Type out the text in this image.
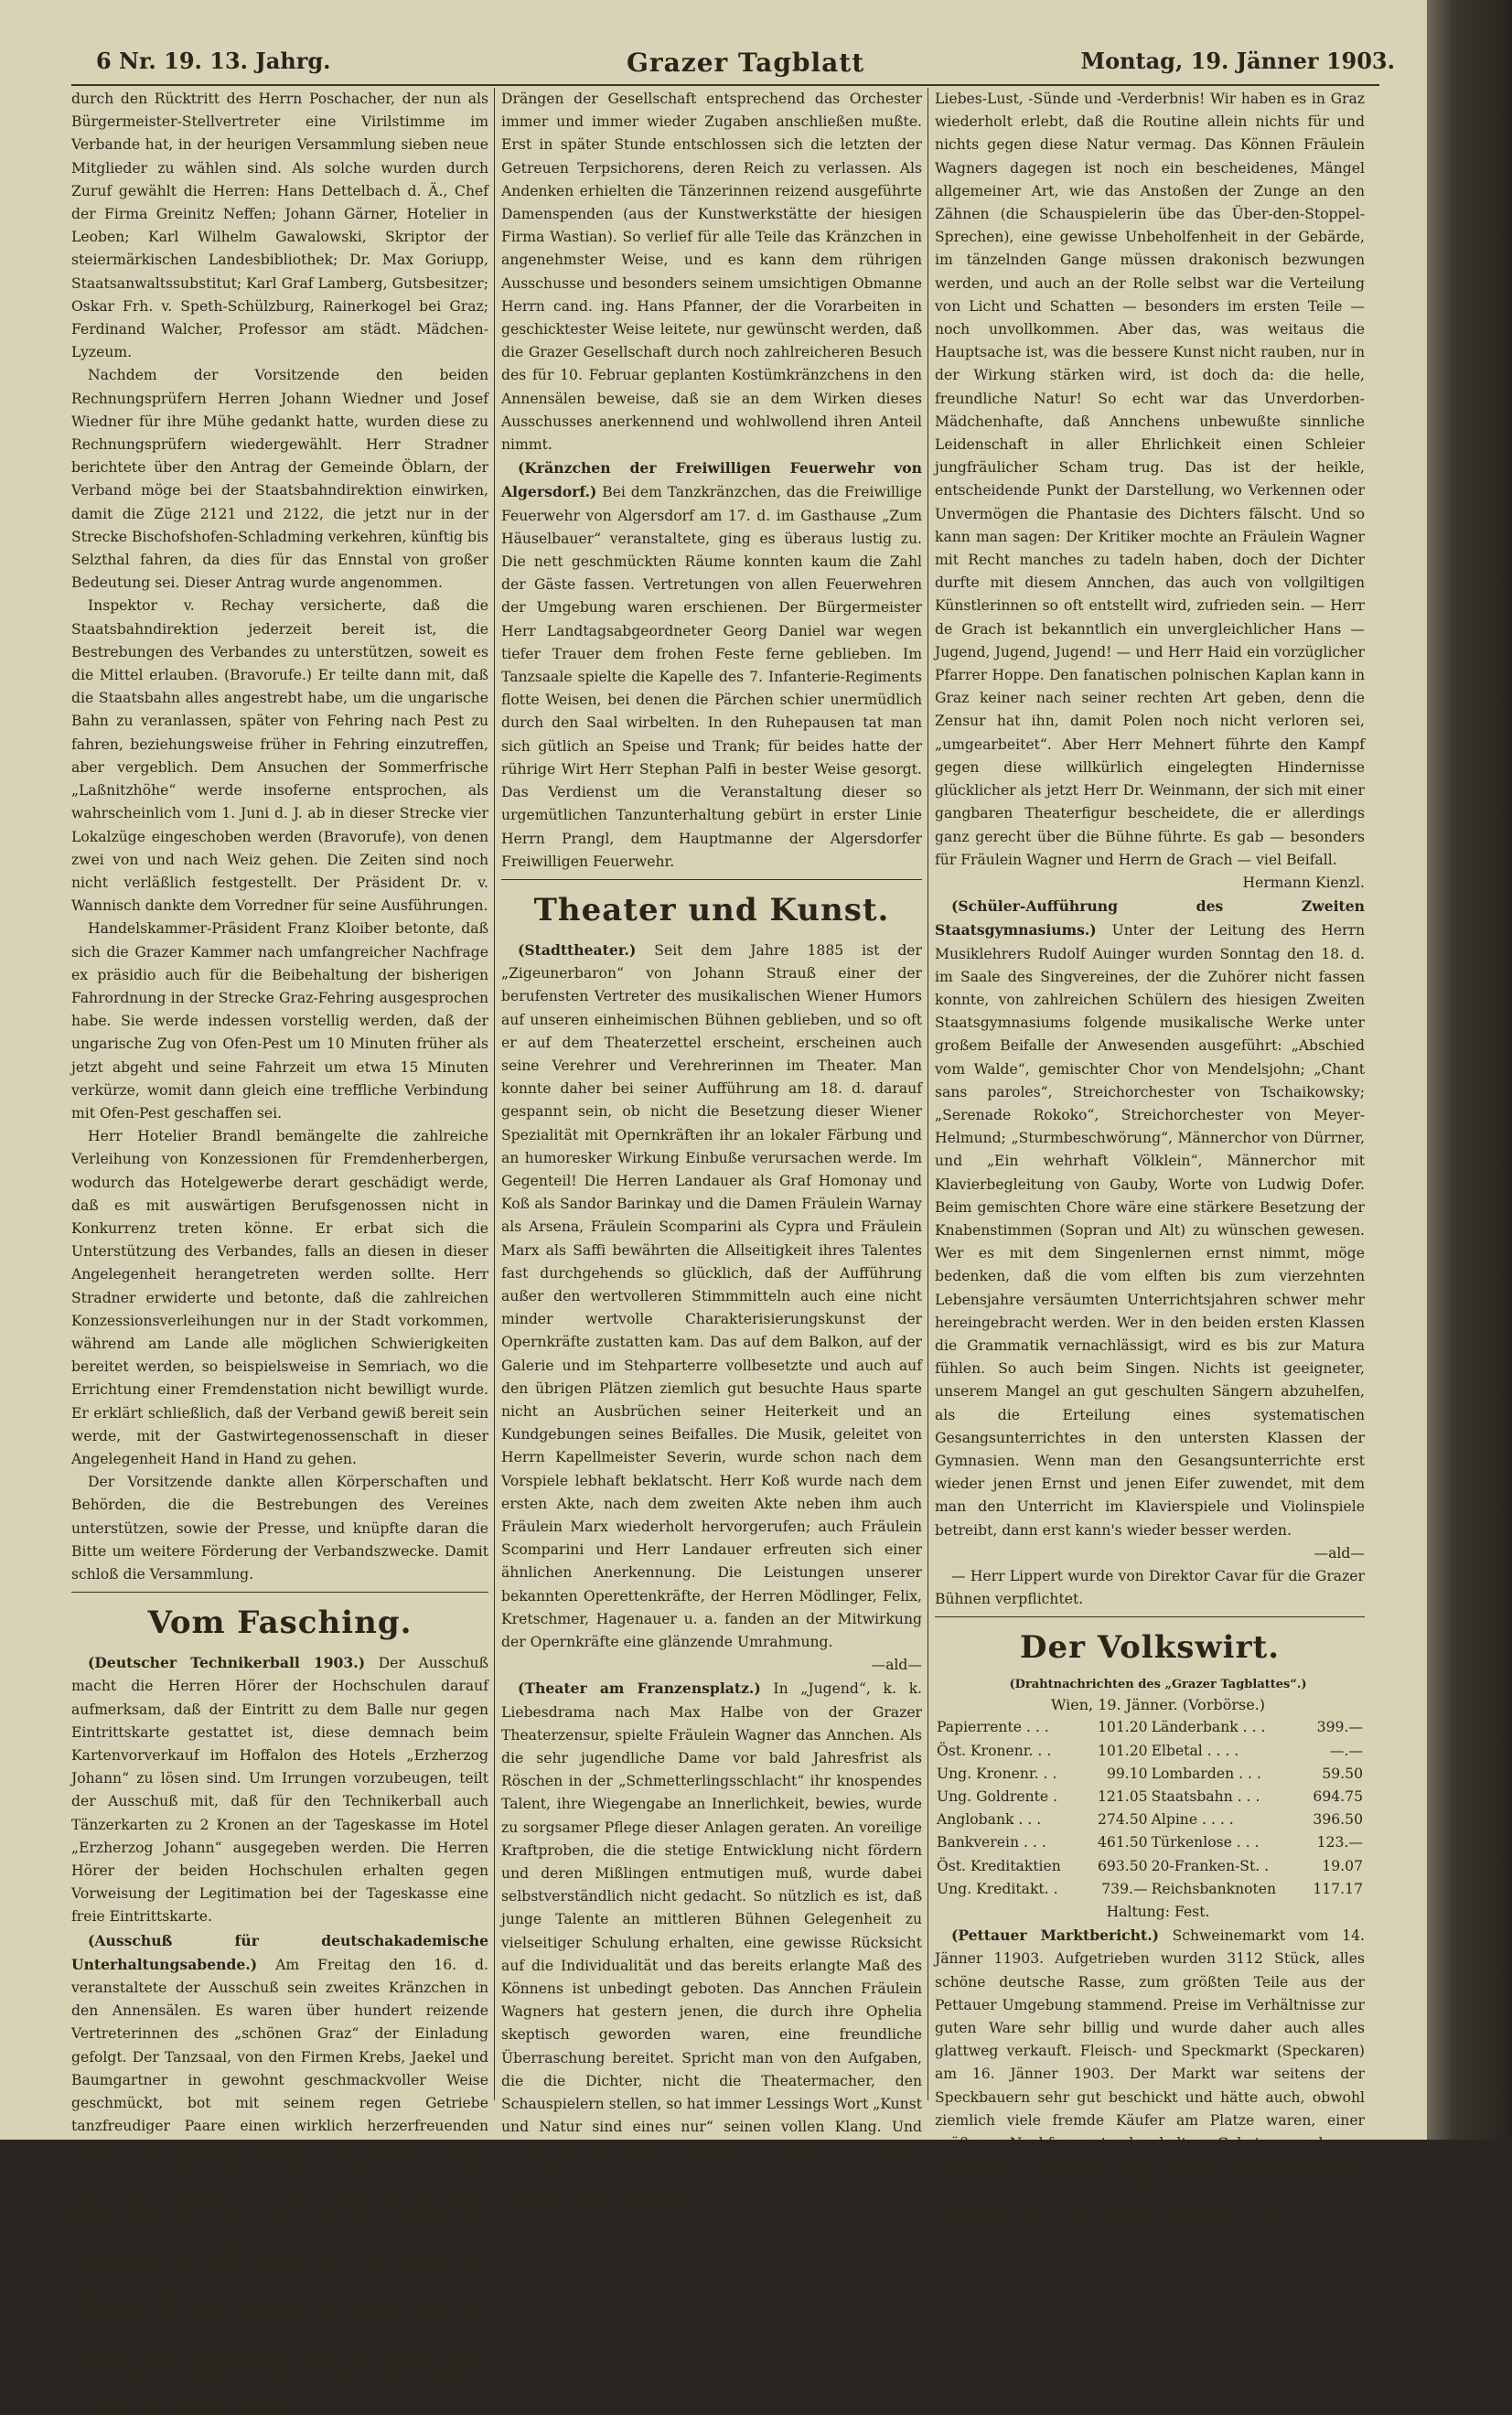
6 Nr. 19. 13. Jahrg.	Grazer Tagblatt	Montag, 19. Jänner 1903.

durch den Rücktritt des Herrn Poschacher, der nun als Bürgermeister-Stellvertreter eine Virilstimme im Verbande hat, in der heurigen Versammlung sieben neue Mitglieder zu wählen sind. Als solche wurden durch Zuruf gewählt die Herren: Hans Dettelbach d. Ä., Chef der Firma Greinitz Neffen; Johann Gärner, Hotelier in Leoben; Karl Wilhelm Gawalowski, Skriptor der steiermärkischen Landesbibliothek; Dr. Max Goriupp, Staatsanwaltssubstitut; Karl Graf Lamberg, Gutsbesitzer; Oskar Frh. v. Speth-Schülzburg, Rainerkogel bei Graz; Ferdinand Walcher, Professor am städt. Mädchen-Lyzeum.

Nachdem der Vorsitzende den beiden Rechnungsprüfern Herren Johann Wiedner und Josef Wiedner für ihre Mühe gedankt hatte, wurden diese zu Rechnungsprüfern wiedergewählt. Herr Stradner berichtete über den Antrag der Gemeinde Öblarn, der Verband möge bei der Staatsbahndirektion einwirken, damit die Züge 2121 und 2122, die jetzt nur in der Strecke Bischofshofen-Schladming verkehren, künftig bis Selzthal fahren, da dies für das Ennstal von großer Bedeutung sei. Dieser Antrag wurde angenommen.

Inspektor v. Rechay versicherte, daß die Staatsbahndirektion jederzeit bereit ist, die Bestrebungen des Verbandes zu unterstützen, soweit es die Mittel erlauben. (Bravorufe.) Er teilte dann mit, daß die Staatsbahn alles angestrebt habe, um die ungarische Bahn zu veranlassen, später von Fehring nach Pest zu fahren, beziehungsweise früher in Fehring einzutreffen, aber vergeblich. Dem Ansuchen der Sommerfrische „Laßnitzhöhe“ werde insoferne entsprochen, als wahrscheinlich vom 1. Juni d. J. ab in dieser Strecke vier Lokalzüge eingeschoben werden (Bravorufe), von denen zwei von und nach Weiz gehen. Die Zeiten sind noch nicht verläßlich festgestellt. Der Präsident Dr. v. Wannisch dankte dem Vorredner für seine Ausführungen.

Handelskammer-Präsident Franz Kloiber betonte, daß sich die Grazer Kammer nach umfangreicher Nachfrage ex präsidio auch für die Beibehaltung der bisherigen Fahrordnung in der Strecke Graz-Fehring ausgesprochen habe. Sie werde indessen vorstellig werden, daß der ungarische Zug von Ofen-Pest um 10 Minuten früher als jetzt abgeht und seine Fahrzeit um etwa 15 Minuten verkürze, womit dann gleich eine treffliche Verbindung mit Ofen-Pest geschaffen sei.

Herr Hotelier Brandl bemängelte die zahlreiche Verleihung von Konzessionen für Fremdenherbergen, wodurch das Hotelgewerbe derart geschädigt werde, daß es mit auswärtigen Berufsgenossen nicht in Konkurrenz treten könne. Er erbat sich die Unterstützung des Verbandes, falls an diesen in dieser Angelegenheit herangetreten werden sollte. Herr Stradner erwiderte und betonte, daß die zahlreichen Konzessionsverleihungen nur in der Stadt vorkommen, während am Lande alle möglichen Schwierigkeiten bereitet werden, so beispielsweise in Semriach, wo die Errichtung einer Fremdenstation nicht bewilligt wurde. Er erklärt schließlich, daß der Verband gewiß bereit sein werde, mit der Gastwirtegenossenschaft in dieser Angelegenheit Hand in Hand zu gehen.

Der Vorsitzende dankte allen Körperschaften und Behörden, die die Bestrebungen des Vereines unterstützen, sowie der Presse, und knüpfte daran die Bitte um weitere Förderung der Verbandszwecke. Damit schloß die Versammlung.

Vom Fasching.

(Deutscher Technikerball 1903.) Der Ausschuß macht die Herren Hörer der Hochschulen darauf aufmerksam, daß der Eintritt zu dem Balle nur gegen Eintrittskarte gestattet ist, diese demnach beim Kartenvorverkauf im Hoffalon des Hotels „Erzherzog Johann“ zu lösen sind. Um Irrungen vorzubeugen, teilt der Ausschuß mit, daß für den Technikerball auch Tänzerkarten zu 2 Kronen an der Tageskasse im Hotel „Erzherzog Johann“ ausgegeben werden. Die Herren Hörer der beiden Hochschulen erhalten gegen Vorweisung der Legitimation bei der Tageskasse eine freie Eintrittskarte.

(Ausschuß für deutschakademische Unterhaltungsabende.) Am Freitag den 16. d. veranstaltete der Ausschuß sein zweites Kränzchen in den Annensälen. Es waren über hundert reizende Vertreterinnen des „schönen Graz“ der Einladung gefolgt. Der Tanzsaal, von den Firmen Krebs, Jaekel und Baumgartner in gewohnt geschmackvoller Weise geschmückt, bot mit seinem regen Getriebe tanzfreudiger Paare einen wirklich herzerfreuenden Anblick. Die einschmeichelnden und feurigen Weisen unserer alten Tonmeister von der bewährten Kapelle des Herrn Kybl vorzüglich zu Gehör gebracht, bewirkten denn auch gar bald, daß sich die Herren, die größtenteils den akademischen Kreisen unserer Stadt angehörten, mit solcher Freude und — fast möchte man sagen — Begeisterung der schönen Kunst Terpsichorens hingaben, daß an die Ausdauer der jungen Damen die größten Anforderungen gestellt wurden. Die allgemeine Tanzlust nahm auch späterhin nicht ab, sondern erfuhr nach der Ruhepause sogar noch eine derartige Steigerung, daß dem stürmischen

Drängen der Gesellschaft entsprechend das Orchester immer und immer wieder Zugaben anschließen mußte. Erst in später Stunde entschlossen sich die letzten der Getreuen Terpsichorens, deren Reich zu verlassen. Als Andenken erhielten die Tänzerinnen reizend ausgeführte Damenspenden (aus der Kunstwerkstätte der hiesigen Firma Wastian). So verlief für alle Teile das Kränzchen in angenehmster Weise, und es kann dem rührigen Ausschusse und besonders seinem umsichtigen Obmanne Herrn cand. ing. Hans Pfanner, der die Vorarbeiten in geschicktester Weise leitete, nur gewünscht werden, daß die Grazer Gesellschaft durch noch zahlreicheren Besuch des für 10. Februar geplanten Kostümkränzchens in den Annensälen beweise, daß sie an dem Wirken dieses Ausschusses anerkennend und wohlwollend ihren Anteil nimmt.

(Kränzchen der Freiwilligen Feuerwehr von Algersdorf.) Bei dem Tanzkränzchen, das die Freiwillige Feuerwehr von Algersdorf am 17. d. im Gasthause „Zum Häuselbauer“ veranstaltete, ging es überaus lustig zu. Die nett geschmückten Räume konnten kaum die Zahl der Gäste fassen. Vertretungen von allen Feuerwehren der Umgebung waren erschienen. Der Bürgermeister Herr Landtagsabgeordneter Georg Daniel war wegen tiefer Trauer dem frohen Feste ferne geblieben. Im Tanzsaale spielte die Kapelle des 7. Infanterie-Regiments flotte Weisen, bei denen die Pärchen schier unermüdlich durch den Saal wirbelten. In den Ruhepausen tat man sich gütlich an Speise und Trank; für beides hatte der rührige Wirt Herr Stephan Palfi in bester Weise gesorgt. Das Verdienst um die Veranstaltung dieser so urgemütlichen Tanzunterhaltung gebürt in erster Linie Herrn Prangl, dem Hauptmanne der Algersdorfer Freiwilligen Feuerwehr.

Theater und Kunst.

(Stadttheater.) Seit dem Jahre 1885 ist der „Zigeunerbaron“ von Johann Strauß einer der berufensten Vertreter des musikalischen Wiener Humors auf unseren einheimischen Bühnen geblieben, und so oft er auf dem Theaterzettel erscheint, erscheinen auch seine Verehrer und Verehrerinnen im Theater. Man konnte daher bei seiner Aufführung am 18. d. darauf gespannt sein, ob nicht die Besetzung dieser Wiener Spezialität mit Opernkräften ihr an lokaler Färbung und an humoresker Wirkung Einbuße verursachen werde. Im Gegenteil! Die Herren Landauer als Graf Homonay und Koß als Sandor Barinkay und die Damen Fräulein Warnay als Arsena, Fräulein Scomparini als Cypra und Fräulein Marx als Saffi bewährten die Allseitigkeit ihres Talentes fast durchgehends so glücklich, daß der Aufführung außer den wertvolleren Stimmmitteln auch eine nicht minder wertvolle Charakterisierungskunst der Opernkräfte zustatten kam. Das auf dem Balkon, auf der Galerie und im Stehparterre vollbesetzte und auch auf den übrigen Plätzen ziemlich gut besuchte Haus sparte nicht an Ausbrüchen seiner Heiterkeit und an Kundgebungen seines Beifalles. Die Musik, geleitet von Herrn Kapellmeister Severin, wurde schon nach dem Vorspiele lebhaft beklatscht. Herr Koß wurde nach dem ersten Akte, nach dem zweiten Akte neben ihm auch Fräulein Marx wiederholt hervorgerufen; auch Fräulein Scomparini und Herr Landauer erfreuten sich einer ähnlichen Anerkennung. Die Leistungen unserer bekannten Operettenkräfte, der Herren Mödlinger, Felix, Kretschmer, Hagenauer u. a. fanden an der Mitwirkung der Opernkräfte eine glänzende Umrahmung.

—ald—

(Theater am Franzensplatz.) In „Jugend“, k. k. Liebesdrama nach Max Halbe von der Grazer Theaterzensur, spielte Fräulein Wagner das Annchen. Als die sehr jugendliche Dame vor bald Jahresfrist als Röschen in der „Schmetterlingsschlacht“ ihr knospendes Talent, ihre Wiegengabe an Innerlichkeit, bewies, wurde zu sorgsamer Pflege dieser Anlagen geraten. An voreilige Kraftproben, die die stetige Entwicklung nicht fördern und deren Mißlingen entmutigen muß, wurde dabei selbstverständlich nicht gedacht. So nützlich es ist, daß junge Talente an mittleren Bühnen Gelegenheit zu vielseitiger Schulung erhalten, eine gewisse Rücksicht auf die Individualität und das bereits erlangte Maß des Könnens ist unbedingt geboten. Das Annchen Fräulein Wagners hat gestern jenen, die durch ihre Ophelia skeptisch geworden waren, eine freundliche Überraschung bereitet. Spricht man von den Aufgaben, die die Dichter, nicht die Theatermacher, den Schauspielern stellen, so hat immer Lessings Wort „Kunst und Natur sind eines nur“ seinen vollen Klang. Und schon gar für Halbes Annchen, für diese von keinem Kunstgärtner „veredelte“ holde Feldblume der Natur in der Blüte ihrer kindlichen

Liebes-Lust, -Sünde und -Verderbnis! Wir haben es in Graz wiederholt erlebt, daß die Routine allein nichts für und nichts gegen diese Natur vermag. Das Können Fräulein Wagners dagegen ist noch ein bescheidenes, Mängel allgemeiner Art, wie das Anstoßen der Zunge an den Zähnen (die Schauspielerin übe das Über-den-Stoppel-Sprechen), eine gewisse Unbeholfenheit in der Gebärde, im tänzelnden Gange müssen drakonisch bezwungen werden, und auch an der Rolle selbst war die Verteilung von Licht und Schatten — besonders im ersten Teile — noch unvollkommen. Aber das, was weitaus die Hauptsache ist, was die bessere Kunst nicht rauben, nur in der Wirkung stärken wird, ist doch da: die helle, freundliche Natur! So echt war das Unverdorben-Mädchenhafte, daß Annchens unbewußte sinnliche Leidenschaft in aller Ehrlichkeit einen Schleier jungfräulicher Scham trug. Das ist der heikle, entscheidende Punkt der Darstellung, wo Verkennen oder Unvermögen die Phantasie des Dichters fälscht. Und so kann man sagen: Der Kritiker mochte an Fräulein Wagner mit Recht manches zu tadeln haben, doch der Dichter durfte mit diesem Annchen, das auch von vollgiltigen Künstlerinnen so oft entstellt wird, zufrieden sein. — Herr de Grach ist bekanntlich ein unvergleichlicher Hans — Jugend, Jugend, Jugend! — und Herr Haid ein vorzüglicher Pfarrer Hoppe. Den fanatischen polnischen Kaplan kann in Graz keiner nach seiner rechten Art geben, denn die Zensur hat ihn, damit Polen noch nicht verloren sei, „umgearbeitet“. Aber Herr Mehnert führte den Kampf gegen diese willkürlich eingelegten Hindernisse glücklicher als jetzt Herr Dr. Weinmann, der sich mit einer gangbaren Theaterfigur bescheidete, die er allerdings ganz gerecht über die Bühne führte. Es gab — besonders für Fräulein Wagner und Herrn de Grach — viel Beifall.

Hermann Kienzl.

(Schüler-Aufführung des Zweiten Staatsgymnasiums.) Unter der Leitung des Herrn Musiklehrers Rudolf Auinger wurden Sonntag den 18. d. im Saale des Singvereines, der die Zuhörer nicht fassen konnte, von zahlreichen Schülern des hiesigen Zweiten Staatsgymnasiums folgende musikalische Werke unter großem Beifalle der Anwesenden ausgeführt: „Abschied vom Walde“, gemischter Chor von Mendelsjohn; „Chant sans paroles“, Streichorchester von Tschaikowsky; „Serenade Rokoko“, Streichorchester von Meyer-Helmund; „Sturmbeschwörung“, Männerchor von Dürrner, und „Ein wehrhaft Völklein“, Männerchor mit Klavierbegleitung von Gauby, Worte von Ludwig Dofer. Beim gemischten Chore wäre eine stärkere Besetzung der Knabenstimmen (Sopran und Alt) zu wünschen gewesen. Wer es mit dem Singenlernen ernst nimmt, möge bedenken, daß die vom elften bis zum vierzehnten Lebensjahre versäumten Unterrichtsjahren schwer mehr hereingebracht werden. Wer in den beiden ersten Klassen die Grammatik vernachlässigt, wird es bis zur Matura fühlen. So auch beim Singen. Nichts ist geeigneter, unserem Mangel an gut geschulten Sängern abzuhelfen, als die Erteilung eines systematischen Gesangsunterrichtes in den untersten Klassen der Gymnasien. Wenn man den Gesangsunterrichte erst wieder jenen Ernst und jenen Eifer zuwendet, mit dem man den Unterricht im Klavierspiele und Violinspiele betreibt, dann erst kann's wieder besser werden.

—ald—

— Herr Lippert wurde von Direktor Cavar für die Grazer Bühnen verpflichtet.

Der Volkswirt.

(Drahtnachrichten des „Grazer Tagblattes“.)

Wien, 19. Jänner. (Vorbörse.)

Papierrente . . .	101.20	Länderbank . . .	399.—
Öst. Kronenr. . .	101.20	Elbetal . . . .	—.—
Ung. Kronenr. . .	99.10	Lombarden . . .	59.50
Ung. Goldrente .	121.05	Staatsbahn . . .	694.75
Anglobank . . .	274.50	Alpine . . . .	396.50
Bankverein . . .	461.50	Türkenlose . . .	123.—
Öst. Kreditaktien	693.50	20-Franken-St. .	19.07
Ung. Kreditakt. .	739.—	Reichsbanknoten	117.17

Haltung: Fest.

(Pettauer Marktbericht.) Schweinemarkt vom 14. Jänner 11903. Aufgetrieben wurden 3112 Stück, alles schöne deutsche Rasse, zum größten Teile aus der Pettauer Umgebung stammend. Preise im Verhältnisse zur guten Ware sehr billig und wurde daher auch alles glattweg verkauft. Fleisch- und Speckmarkt (Speckaren) am 16. Jänner 1903. Der Markt war seitens der Speckbauern sehr gut beschickt und hätte auch, obwohl ziemlich viele fremde Käufer am Platze waren, einer größeren Nachfrage stand gehalten. Geboten wurde nur Prima-Ware. Preislagen: Prima-Speck (ohne Schwarte) 62 bis 64 kr., Schmer 64 bis 68 kr., Schinken 52 bis 54 kr., Schulter 49 bis 50 kr., Rücken-Fischfleisch 70 bis
